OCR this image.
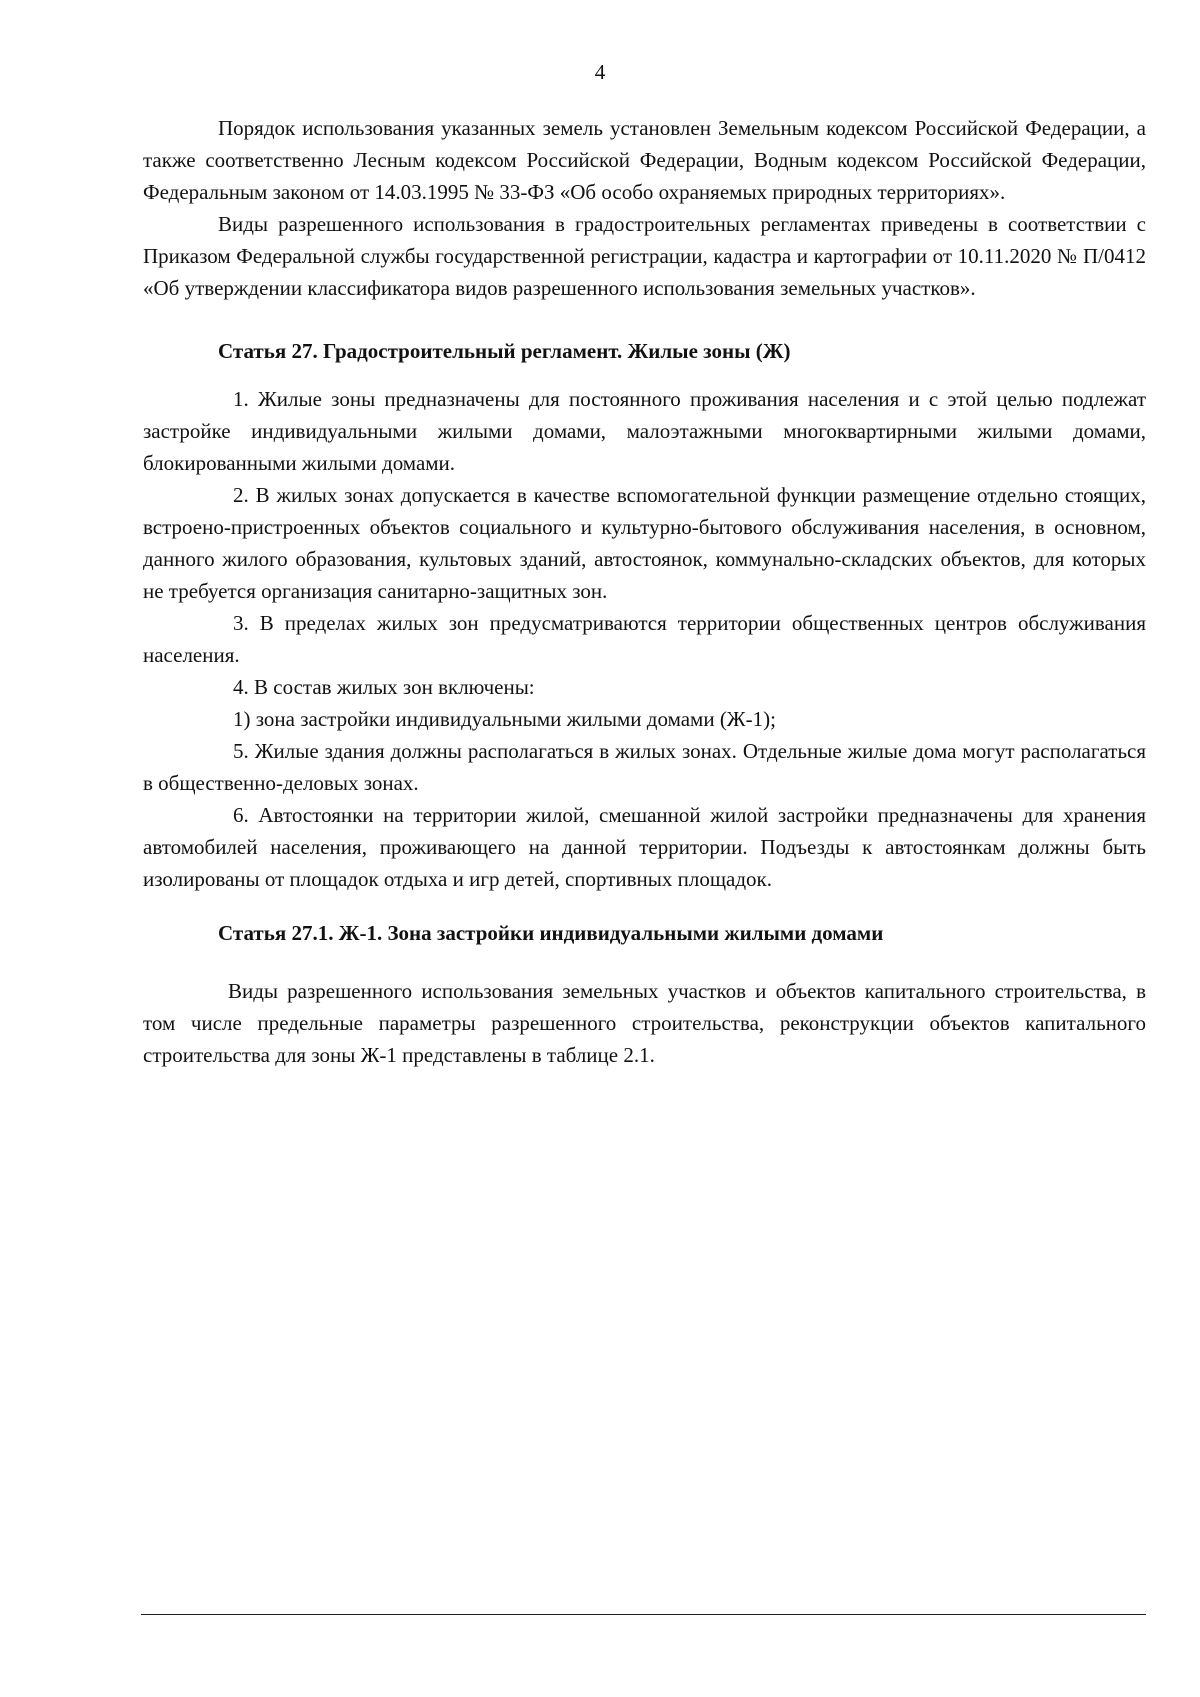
4

Порядок использования указанных земель установлен Земельным кодексом Российской Федерации, а также соответственно Лесным кодексом Российской Федерации, Водным кодексом Российской Федерации, Федеральным законом от 14.03.1995 № 33-ФЗ «Об особо охраняемых природных территориях».

Виды разрешенного использования в градостроительных регламентах приведены в соответствии с Приказом Федеральной службы государственной регистрации, кадастра и картографии от 10.11.2020 № П/0412 «Об утверждении классификатора видов разрешенного использования земельных участков».

Статья 27. Градостроительный регламент. Жилые зоны (Ж)

1. Жилые зоны предназначены для постоянного проживания населения и с этой целью подлежат застройке индивидуальными жилыми домами, малоэтажными многоквартирными жилыми домами, блокированными жилыми домами.

2. В жилых зонах допускается в качестве вспомогательной функции размещение отдельно стоящих, встроено-пристроенных объектов социального и культурно-бытового обслуживания населения, в основном, данного жилого образования, культовых зданий, автостоянок, коммунально-складских объектов, для которых не требуется организация санитарно-защитных зон.

3. В пределах жилых зон предусматриваются территории общественных центров обслуживания населения.

4. В состав жилых зон включены:

1) зона застройки индивидуальными жилыми домами (Ж-1);

5. Жилые здания должны располагаться в жилых зонах. Отдельные жилые дома могут располагаться в общественно-деловых зонах.

6. Автостоянки на территории жилой, смешанной жилой застройки предназначены для хранения автомобилей населения, проживающего на данной территории. Подъезды к автостоянкам должны быть изолированы от площадок отдыха и игр детей, спортивных площадок.

Статья 27.1. Ж-1. Зона застройки индивидуальными жилыми домами

Виды разрешенного использования земельных участков и объектов капитального строительства, в том числе предельные параметры разрешенного строительства, реконструкции объектов капитального строительства для зоны Ж-1 представлены в таблице 2.1.
